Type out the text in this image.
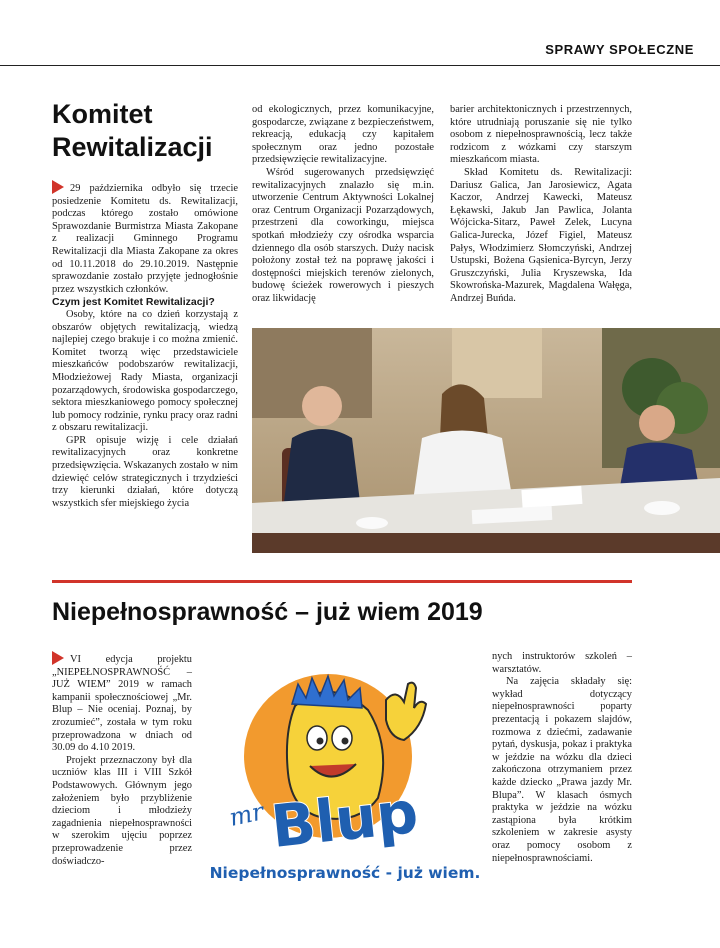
SPRAWY SPOŁECZNE
Komitet
Rewitalizacji

29 października odbyło się trzecie posiedzenie Komitetu ds. Rewitalizacji, podczas którego zostało omówione Sprawozdanie Burmistrza Miasta Zakopane z realizacji Gminnego Programu Rewitalizacji dla Miasta Zakopane za okres od 10.11.2018 do 29.10.2019. Następnie sprawozdanie zostało przyjęte jednogłośnie przez wszystkich członków.

Czym jest Komitet Rewitalizacji?

Osoby, które na co dzień korzystają z obszarów objętych rewitalizacją, wiedzą najlepiej czego brakuje i co można zmienić. Komitet tworzą więc przedstawiciele mieszkańców podobszarów rewitalizacji, Młodzieżowej Rady Miasta, organizacji pozarządowych, środowiska gospodarczego, sektora mieszkaniowego pomocy społecznej lub pomocy rodzinie, rynku pracy oraz radni z obszaru rewitalizacji.

GPR opisuje wizję i cele działań rewitalizacyjnych oraz konkretne przedsięwzięcia. Wskazanych zostało w nim dziewięć celów strategicznych i trzydzieści trzy kierunki działań, które dotyczą wszystkich sfer miejskiego życia

od ekologicznych, przez komunikacyjne, gospodarcze, związane z bezpieczeństwem, rekreacją, edukacją czy kapitałem społecznym oraz jedno pozostałe przedsięwzięcie rewitalizacyjne.

Wśród sugerowanych przedsięwzięć rewitalizacyjnych znalazło się m.in. utworzenie Centrum Aktywności Lokalnej oraz Centrum Organizacji Pozarządowych, przestrzeni dla coworkingu, miejsca spotkań młodzieży czy ośrodka wsparcia dziennego dla osób starszych. Duży nacisk położony został też na poprawę jakości i dostępności miejskich terenów zielonych, budowę ścieżek rowerowych i pieszych oraz likwidację

barier architektonicznych i przestrzennych, które utrudniają poruszanie się nie tylko osobom z niepełnosprawnością, lecz także rodzicom z wózkami czy starszym mieszkańcom miasta.

Skład Komitetu ds. Rewitalizacji: Dariusz Galica, Jan Jarosiewicz, Agata Kaczor, Andrzej Kawecki, Mateusz Łękawski, Jakub Jan Pawlica, Jolanta Wójcicka-Sitarz, Paweł Zelek, Lucyna Galica-Jurecka, Józef Figiel, Mateusz Pałys, Włodzimierz Słomczyński, Andrzej Ustupski, Bożena Gąsienica-Byrcyn, Jerzy Gruszczyński, Julia Kryszewska, Ida Skowrońska-Mazurek, Magdalena Wałęga, Andrzej Buńda.

Niepełnosprawność – już wiem 2019

VI edycja projektu „NIEPEŁNOSPRAWNOŚĆ – JUŻ WIEM” 2019 w ramach kampanii społecznościowej „Mr. Blup – Nie oceniaj. Poznaj, by zrozumieć”, została w tym roku przeprowadzona w dniach od 30.09 do 4.10 2019.

Projekt przeznaczony był dla uczniów klas III i VIII Szkół Podstawowych. Głównym jego założeniem było przybliżenie dzieciom i młodzieży zagadnienia niepełnosprawności w szerokim ujęciu poprzez przeprowadzenie przez doświadczo-

mr Blup
Niepełnosprawność - już wiem.

nych instruktorów szkoleń – warsztatów.

Na zajęcia składały się: wykład dotyczący niepełnosprawności poparty prezentacją i pokazem slajdów, rozmowa z dziećmi, zadawanie pytań, dyskusja, pokaz i praktyka w jeździe na wózku dla dzieci zakończona otrzymaniem przez każde dziecko „Prawa jazdy Mr. Blupa”. W klasach ósmych praktyka w jeździe na wózku zastąpiona była krótkim szkoleniem w zakresie asysty oraz pomocy osobom z niepełnosprawnościami.
